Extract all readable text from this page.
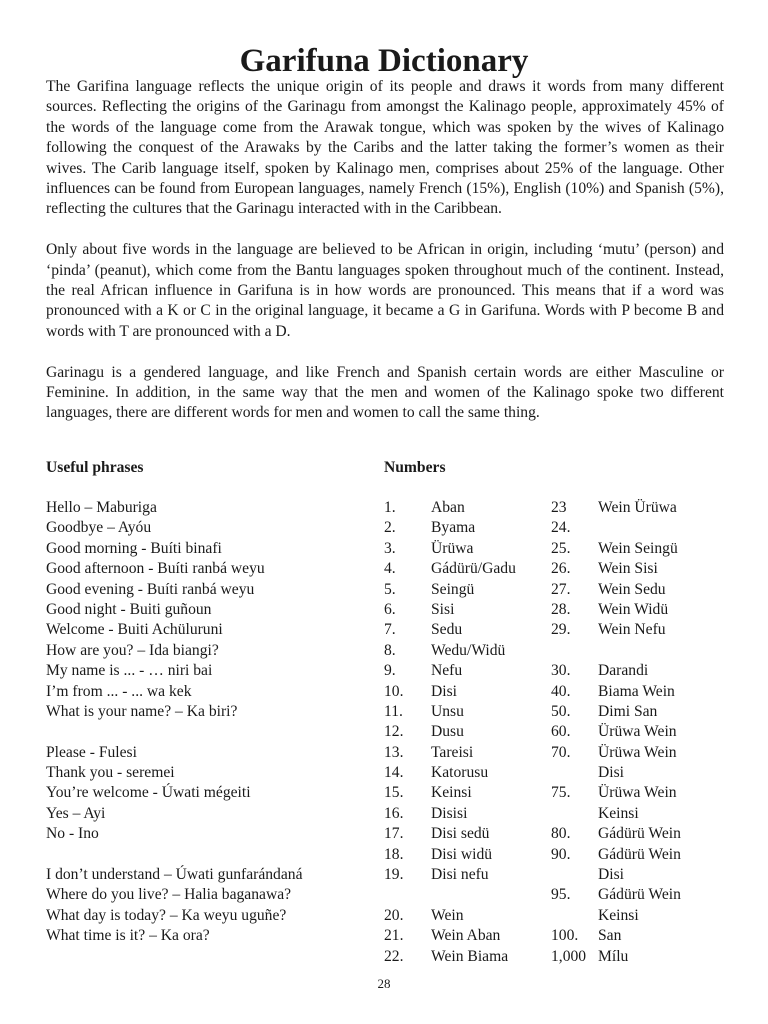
Garifuna Dictionary

The Garifina language reflects the unique origin of its people and draws it words from many different sources. Reflecting the origins of the Garinagu from amongst the Kalinago people, approximately 45% of the words of the language come from the Arawak tongue, which was spoken by the wives of Kalinago following the conquest of the Arawaks by the Caribs and the latter taking the former’s women as their wives. The Carib language itself, spoken by Kalinago men, comprises about 25% of the language. Other influences can be found from European languages, namely French (15%), English (10%) and Spanish (5%), reflecting the cultures that the Garinagu interacted with in the Caribbean.

Only about five words in the language are believed to be African in origin, including ‘mutu’ (person) and ‘pinda’ (peanut), which come from the Bantu languages spoken throughout much of the continent. Instead, the real African influence in Garifuna is in how words are pronounced. This means that if a word was pronounced with a K or C in the original language, it became a G in Garifuna. Words with P become B and words with T are pronounced with a D.

Garinagu is a gendered language, and like French and Spanish certain words are either Masculine or Feminine. In addition, in the same way that the men and women of the Kalinago spoke two different languages, there are different words for men and women to call the same thing.

Useful phrases	Numbers
Hello – Maburiga
Goodbye – Ayóu
Good morning - Buíti binafi
Good afternoon - Buíti ranbá weyu
Good evening - Buíti ranbá weyu
Good night - Buiti guñoun
Welcome - Buiti Achüluruni
How are you? – Ida biangi?
My name is ... - … niri bai
I’m from ... - ... wa kek
What is your name? – Ka biri?
Please - Fulesi
Thank you - seremei
You’re welcome - Úwati mégeiti
Yes – Ayi
No - Ino
I don’t understand – Úwati gunfarándaná
Where do you live? – Halia baganawa?
What day is today? – Ka weyu uguñe?
What time is it? – Ka ora?
1. Aban
2. Byama
3. Ürüwa
4. Gádürü/Gadu
5. Seingü
6. Sisi
7. Sedu
8. Wedu/Widü
9. Nefu
10. Disi
11. Unsu
12. Dusu
13. Tareisi
14. Katorusu
15. Keinsi
16. Disisi
17. Disi sedü
18. Disi widü
19. Disi nefu
20. Wein
21. Wein Aban
22. Wein Biama
23 Wein Ürüwa
24.
25. Wein Seingü
26. Wein Sisi
27. Wein Sedu
28. Wein Widü
29. Wein Nefu
30. Darandi
40. Biama Wein
50. Dimi San
60. Ürüwa Wein
70. Ürüwa Wein
Disi
75. Ürüwa Wein
Keinsi
80. Gádürü Wein
90. Gádürü Wein
Disi
95. Gádürü Wein
Keinsi
100. San
1,000 Mílu
28
